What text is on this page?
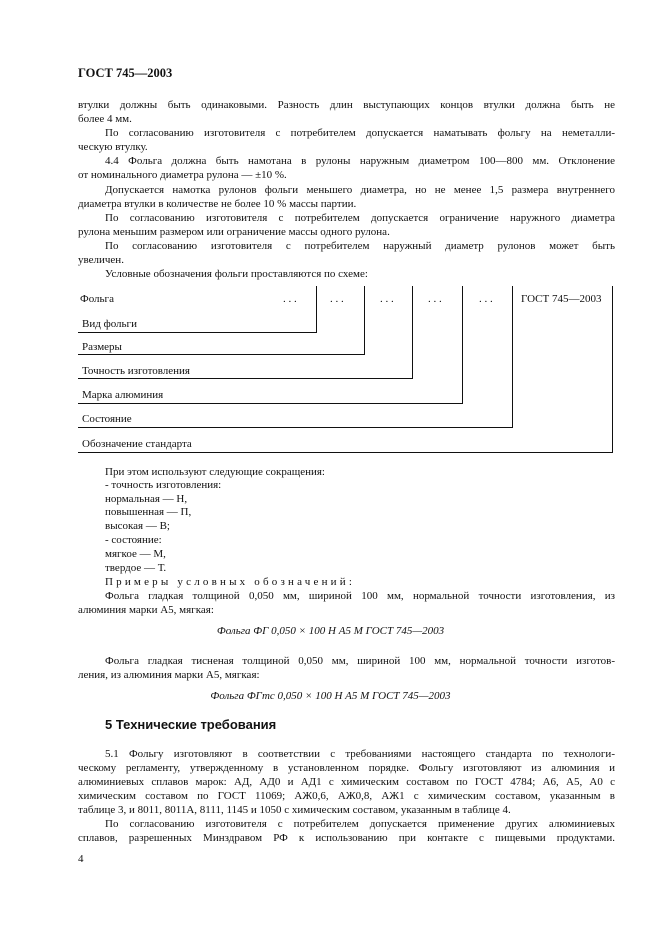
ГОСТ 745—2003
втулки должны быть одинаковыми. Разность длин выступающих концов втулки должна быть не
более 4 мм.
По согласованию изготовителя с потребителем допускается наматывать фольгу на неметалли-
ческую втулку.
4.4 Фольга должна быть намотана в рулоны наружным диаметром 100—800 мм. Отклонение
от номинального диаметра рулона — ±10 %.
Допускается намотка рулонов фольги меньшего диаметра, но не менее 1,5 размера внутреннего
диаметра втулки в количестве не более 10 % массы партии.
По согласованию изготовителя с потребителем допускается ограничение наружного диаметра
рулона меньшим размером или ограничение массы одного рулона.
По согласованию изготовителя с потребителем наружный диаметр рулонов может быть
увеличен.
Условные обозначения фольги проставляются по схеме:
Фольга	. . .	. . .	. . .	. . .	. . .	ГОСТ 745—2003
Вид фольги
Размеры
Точность изготовления
Марка алюминия
Состояние
Обозначение стандарта
При этом используют следующие сокращения:
- точность изготовления:
нормальная — Н,
повышенная — П,
высокая — В;
- состояние:
мягкое — М,
твердое — Т.
Примеры условных обозначений:
Фольга гладкая толщиной 0,050 мм, шириной 100 мм, нормальной точности изготовления, из
алюминия марки А5, мягкая:
Фольга ФГ 0,050 × 100 Н А5 М ГОСТ 745—2003
Фольга гладкая тисненая толщиной 0,050 мм, шириной 100 мм, нормальной точности изготов-
ления, из алюминия марки А5, мягкая:
Фольга ФГтс 0,050 × 100 Н А5 М ГОСТ 745—2003
5 Технические требования
5.1 Фольгу изготовляют в соответствии с требованиями настоящего стандарта по технологи-
ческому регламенту, утвержденному в установленном порядке. Фольгу изготовляют из алюминия и
алюминиевых сплавов марок: АД, АД0 и АД1 с химическим составом по ГОСТ 4784; А6, А5, А0 с
химическим составом по ГОСТ 11069; АЖ0,6, АЖ0,8, АЖ1 с химическим составом, указанным в
таблице 3, и 8011, 8011А, 8111, 1145 и 1050 с химическим составом, указанным в таблице 4.
По согласованию изготовителя с потребителем допускается применение других алюминиевых
сплавов, разрешенных Минздравом РФ к использованию при контакте с пищевыми продуктами.
4
